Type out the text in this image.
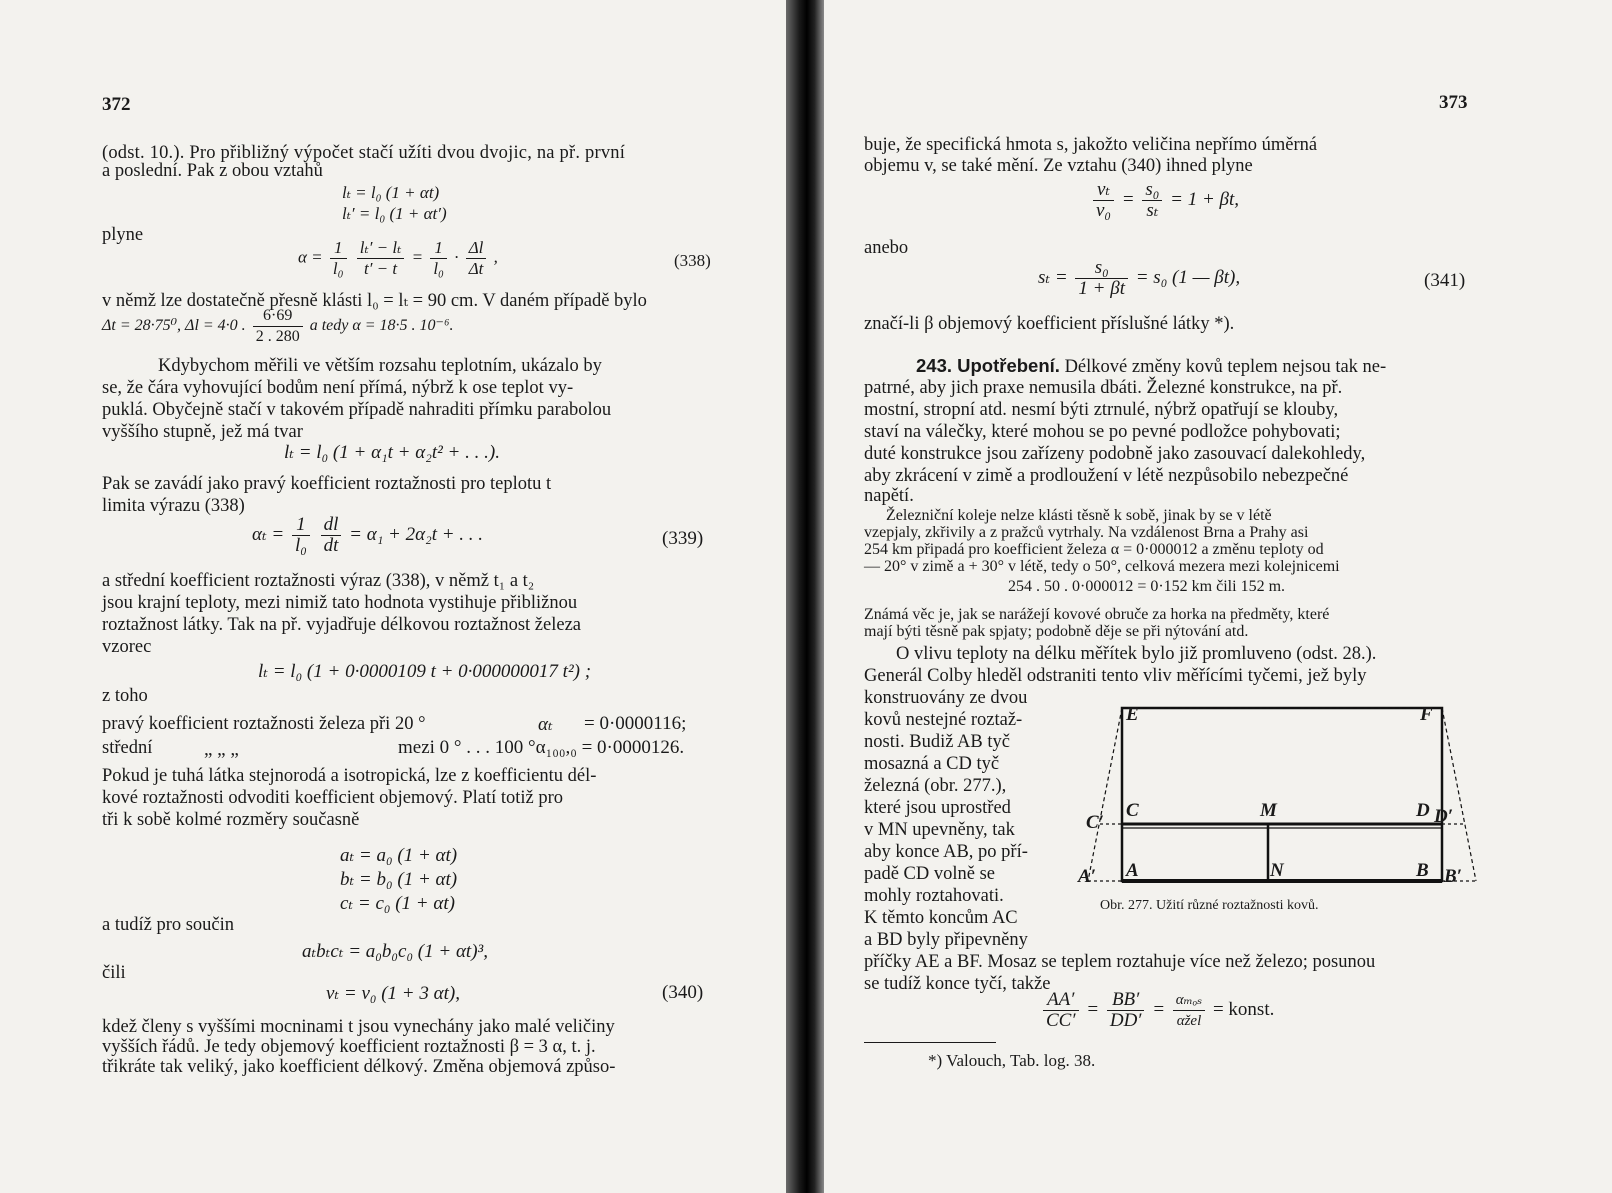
372
(odst. 10.). Pro přibližný výpočet stačí užíti dvou dvojic, na př. první
a poslední. Pak z obou vztahů
lₜ = l₀ (1 + αt)
lₜ′ = l₀ (1 + αt′)
plyne
$\alpha = \frac{1}{\text{l₀}}$
$\frac{\text{lₜ′ − lₜ}}{t' - t} = \frac{1}{\text{l₀}} \cdot \frac{\Delta l}{\Delta t}$ ,	(338)
v němž lze dostatečně přesně klásti l₀ = lₜ = 90 cm. V daném případě bylo
Δt = 28·75⁰, Δl = 4·0 . $\frac{6\cdot 69}{2 . 280}$ a tedy α = 18·5 . 10⁻⁶.
Kdybychom měřili ve větším rozsahu teplotním, ukázalo by
se, že čára vyhovující bodům není přímá, nýbrž k ose teplot vy-
puklá. Obyčejně stačí v takovém případě nahraditi přímku parabolou
vyššího stupně, jež má tvar
lₜ = l₀ (1 + α₁t + α₂t² + . . .).
Pak se zavádí jako pravý koefficient roztažnosti pro teplotu t
limita výrazu (338)
$\alpha_t = \frac{1}{\text{l₀}}$
$\frac{dl}{dt} = \alpha_1 + 2\alpha_2t$ + . . .	(339)
a střední koefficient roztažnosti výraz (338), v němž t₁ a t₂
jsou krajní teploty, mezi nimiž tato hodnota vystihuje přibližnou
roztažnost látky. Tak na př. vyjadřuje délkovou roztažnost železa
vzorec
lₜ = l₀ (1 + 0·0000109 t + 0·000000017 t²) ;
z toho
pravý koefficient roztažnosti železa při 20 °	αₜ = 0·0000116;
střední	„ „ „	mezi 0 ° . . . 100 °α₁₀₀,₀ = 0·0000126.
Pokud je tuhá látka stejnorodá a isotropická, lze z koefficientu dél-
kové roztažnosti odvoditi koefficient objemový. Platí totiž pro
tři k sobě kolmé rozměry současně
aₜ = a₀ (1 + αt)
bₜ = b₀ (1 + αt)
cₜ = c₀ (1 + αt)
a tudíž pro součin
aₜbₜcₜ = a₀b₀c₀ (1 + αt)³,
čili
vₜ = v₀ (1 + 3 αt),	(340)
kdež členy s vyššími mocninami t jsou vynechány jako malé veličiny
vyšších řádů. Je tedy objemový koefficient roztažnosti β = 3 α, t. j.
třikráte tak veliký, jako koefficient délkový. Změna objemová způso-
373
buje, že specifická hmota s, jakožto veličina nepřímo úměrná
objemu v, se také mění. Ze vztahu (340) ihned plyne
$\frac{\text{vₜ}}{\text{v₀}} = \frac{\text{s₀}}{\text{sₜ}} = 1 + \beta t$,
anebo
$s_t = \frac{\text{s₀}}{1 + \beta t} = s_0$ (1 — βt),	(341)
značí-li β objemový koefficient příslušné látky *).
243. Upotřebení. Délkové změny kovů teplem nejsou tak ne-
patrné, aby jich praxe nemusila dbáti. Železné konstrukce, na př.
mostní, stropní atd. nesmí býti ztrnulé, nýbrž opatřují se klouby,
staví na válečky, které mohou se po pevné podložce pohybovati;
duté konstrukce jsou zařízeny podobně jako zasouvací dalekohledy,
aby zkrácení v zimě a prodloužení v létě nezpůsobilo nebezpečné
napětí.
Železniční koleje nelze klásti těsně k sobě, jinak by se v létě
vzepjaly, zkřivily a z pražců vytrhaly. Na vzdálenost Brna a Prahy asi
254 km připadá pro koefficient železa α = 0·000012 a změnu teploty od
— 20° v zimě a + 30° v létě, tedy o 50°, celková mezera mezi kolejnicemi
254 . 50 . 0·000012 = 0·152 km čili 152 m.
Známá věc je, jak se narážejí kovové obruče za horka na předměty, které
mají býti těsně pak spjaty; podobně děje se při nýtování atd.
O vlivu teploty na délku měřítek bylo již promluveno (odst. 28.).
Generál Colby hleděl odstraniti tento vliv měřícími tyčemi, jež byly
konstruovány ze dvou
kovů nestejné roztaž-
nosti. Budiž AB tyč
mosazná a CD tyč
železná (obr. 277.),
které jsou uprostřed
v MN upevněny, tak
aby konce AB, po pří-
padě CD volně se
mohly roztahovati.
K těmto koncům AC
a BD byly připevněny
příčky AE a BF. Mosaz se teplem roztahuje více než železo; posunou
se tudíž konce tyčí, takže
E	F
C	M	D
C′	D′
A	N	B
A′	B′
Obr. 277. Užití různé roztažnosti kovů.
$\frac{AA'}{CC'} = \frac{BB'}{DD'} = \frac{\text{αₘₒₛ}}{\text{αžel}}$ = konst.
*) Valouch, Tab. log. 38.
